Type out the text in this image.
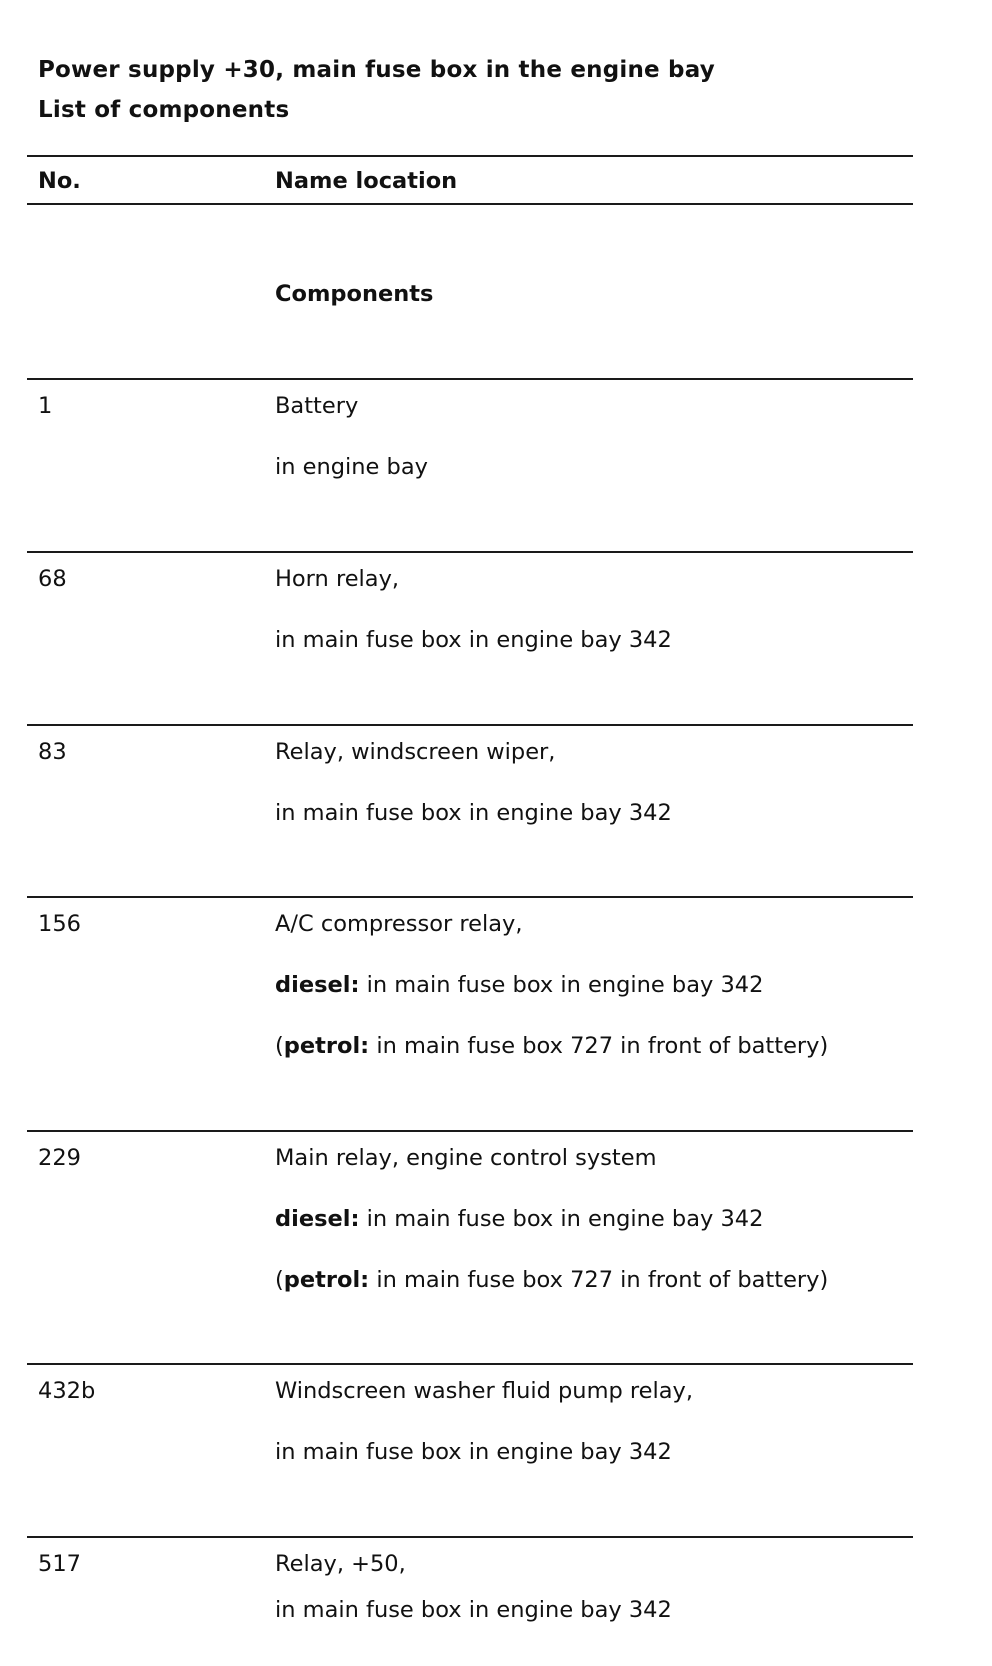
Power supply +30, main fuse box in the engine bay
List of components
No.	Name location
Components
1	Battery
in engine bay
68	Horn relay,
in main fuse box in engine bay 342
83	Relay, windscreen wiper,
in main fuse box in engine bay 342
156	A/C compressor relay,
diesel: in main fuse box in engine bay 342
(petrol: in main fuse box 727 in front of battery)
229	Main relay, engine control system
diesel: in main fuse box in engine bay 342
(petrol: in main fuse box 727 in front of battery)
432b	Windscreen washer fluid pump relay,
in main fuse box in engine bay 342
517	Relay, +50,
in main fuse box in engine bay 342
